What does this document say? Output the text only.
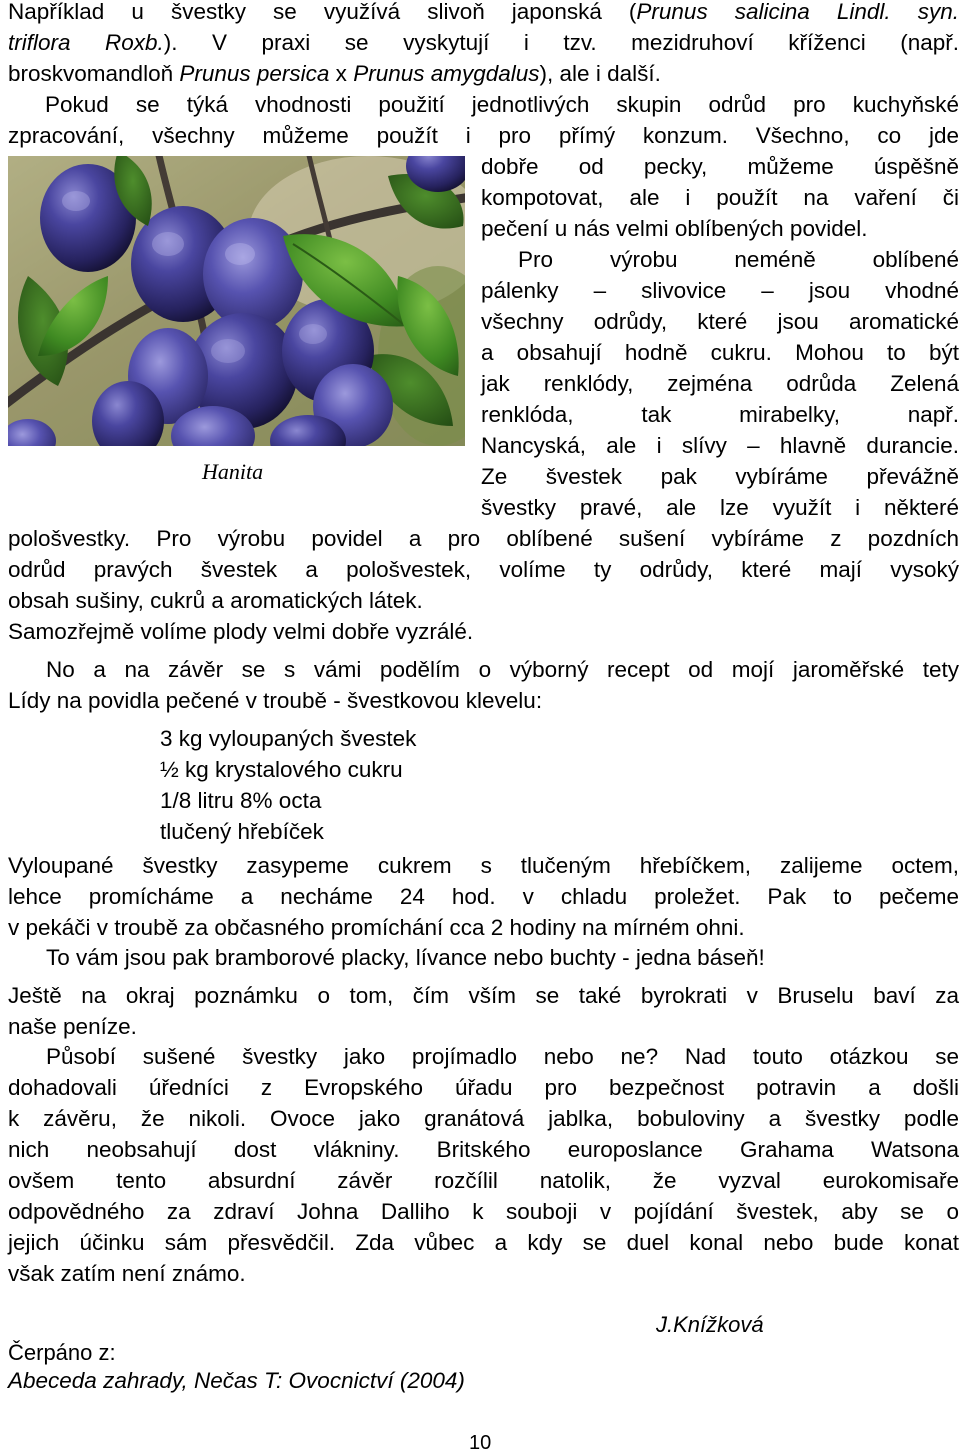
Například u švestky se využívá slivoň japonská (Prunus salicina Lindl. syn.
triflora Roxb.). V praxi se vyskytují i tzv. mezidruhoví kříženci (např.
broskvomandloň Prunus persica x Prunus amygdalus), ale i další.
Pokud se týká vhodnosti použití jednotlivých skupin odrůd pro kuchyňské
zpracování, všechny můžeme použít i pro přímý konzum. Všechno, co jde
dobře od pecky, můžeme úspěšně
kompotovat, ale i použít na vaření či
pečení u nás velmi oblíbených povidel.
Pro výrobu neméně oblíbené
pálenky – slivovice – jsou vhodné
všechny odrůdy, které jsou aromatické
a obsahují hodně cukru. Mohou to být
jak renklódy, zejména odrůda Zelená
renklóda, tak mirabelky, např.
Nancyská, ale i slívy – hlavně durancie.
Ze švestek pak vybíráme převážně
švestky pravé, ale lze využít i některé
pološvestky. Pro výrobu povidel a pro oblíbené sušení vybíráme z pozdních
odrůd pravých švestek a pološvestek, volíme ty odrůdy, které mají vysoký
obsah sušiny, cukrů a aromatických látek.
Samozřejmě volíme plody velmi dobře vyzrálé.
Hanita
No a na závěr se s vámi podělím o výborný recept od mojí jaroměřské tety
Lídy na povidla pečené v troubě - švestkovou klevelu:
3 kg vyloupaných švestek
½ kg krystalového cukru
1/8 litru 8% octa
tlučený hřebíček
Vyloupané švestky zasypeme cukrem s tlučeným hřebíčkem, zalijeme octem,
lehce promícháme a necháme 24 hod. v chladu proležet. Pak to pečeme
v pekáči v troubě za občasného promíchání cca 2 hodiny na mírném ohni.
To vám jsou pak bramborové placky, lívance nebo buchty - jedna báseň!
Ještě na okraj poznámku o tom, čím vším se také byrokrati v Bruselu baví za
naše peníze.
Působí sušené švestky jako projímadlo nebo ne? Nad touto otázkou se
dohadovali úředníci z Evropského úřadu pro bezpečnost potravin a došli
k závěru, že nikoli. Ovoce jako granátová jablka, bobuloviny a švestky podle
nich neobsahují dost vlákniny. Britského europoslance Grahama Watsona
ovšem tento absurdní závěr rozčílil natolik, že vyzval eurokomisaře
odpovědného za zdraví Johna Dalliho k souboji v pojídání švestek, aby se o
jejich účinku sám přesvědčil. Zda vůbec a kdy se duel konal nebo bude konat
však zatím není známo.
J.Knížková
Čerpáno z:
Abeceda zahrady, Nečas T: Ovocnictví (2004)
10
